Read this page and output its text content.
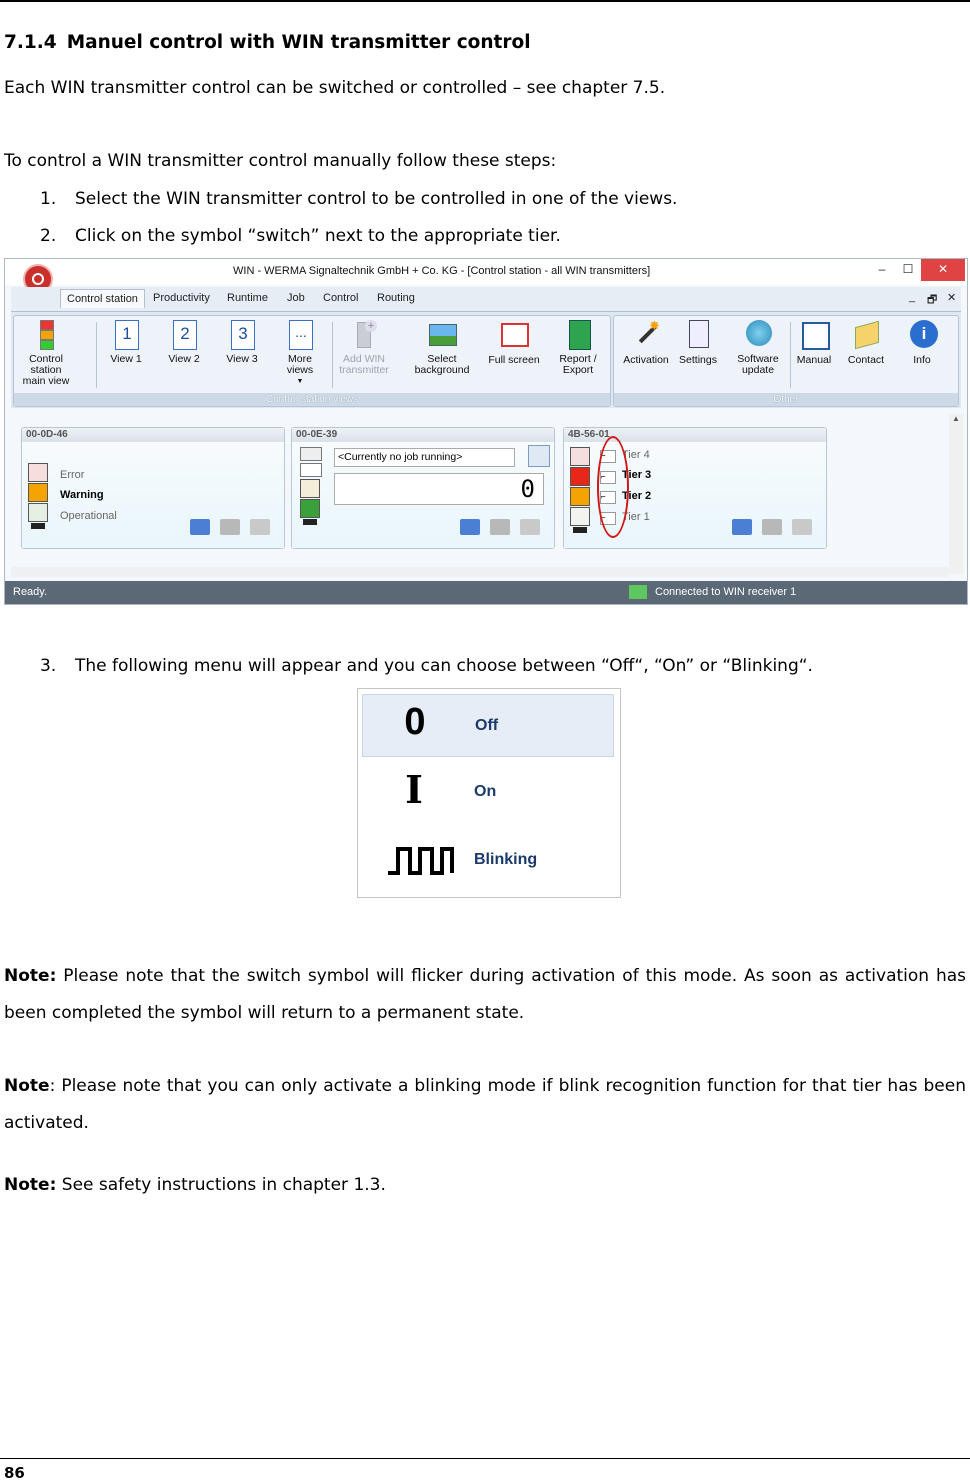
7.1.4 Manuel control with WIN transmitter control

Each WIN transmitter control can be switched or controlled – see chapter 7.5.

To control a WIN transmitter control manually follow these steps:

1. Select the WIN transmitter control to be controlled in one of the views.
2. Click on the symbol “switch” next to the appropriate tier.
WIN - WERMA Signaltechnik GmbH + Co. KG - [Control station - all WIN transmitters]	–	☐	✕
Control station	Productivity Runtime Job Control Routing	_ 🗗 ✕
Control station
main view
1
View 1
2
View 2
3
View 3
...
More
views
▼
+
Add WIN
transmitter
Select
background
Full screen	Report /
Export
Control station views
✸
Activation Settings	Software
update
Manual	Contact
i
Info
Other
00-0D-46
Error
Warning
Operational
00-0E-39
<Currently no job running>
0
4B-56-01
⌐
⌐
⌐
⌐
Tier 4
Tier 3
Tier 2
Tier 1
▲
Ready.	Connected to WIN receiver 1
3. The following menu will appear and you can choose between “Off“, “On” or “Blinking“.
0	Off
I	On
Blinking
Note: Please note that the switch symbol will flicker during activation of this mode. As soon as activation has been completed the symbol will return to a permanent state.
Note: Please note that you can only activate a blinking mode if blink recognition function for that tier has been activated.
Note: See safety instructions in chapter 1.3.
86
